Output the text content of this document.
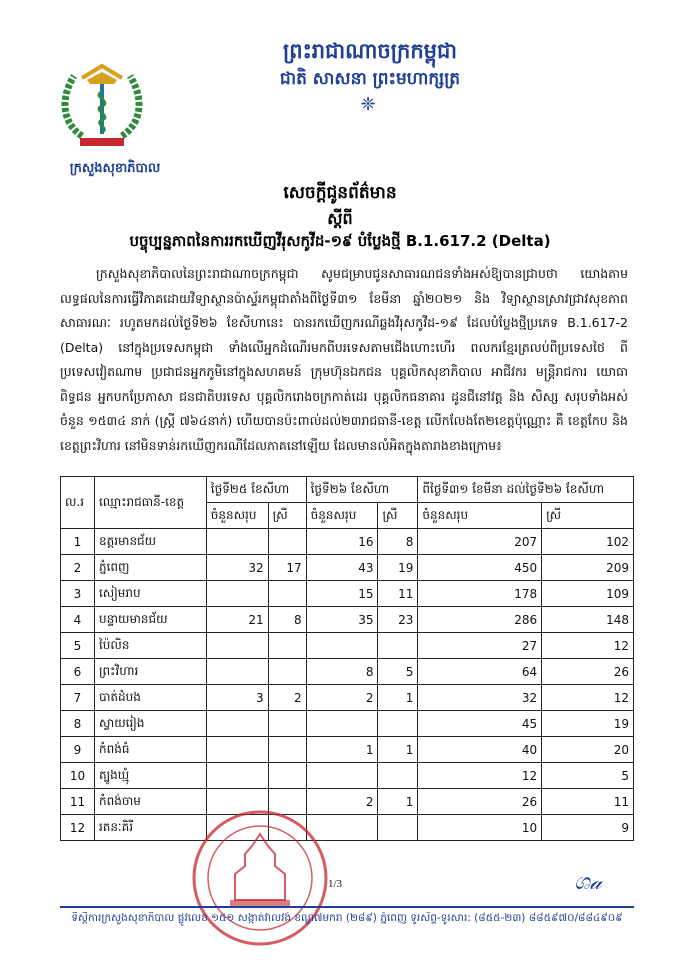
ព្រះរាជាណាចក្រកម្ពុជា
ជាតិ សាសនា ព្រះមហាក្សត្រ
❈
ក្រសួងសុខាភិបាល
សេចក្តីជូនព័ត៌មាន
ស្តីពី
បច្ចុប្បន្នភាពនៃការរកឃើញវីរុសកូវីដ-១៩ បំប្លែងថ្មី B.1.617.2 (Delta)
ក្រសួងសុខាភិបាលនៃព្រះរាជាណាចក្រកម្ពុជា សូមជម្រាបជូនសាធារណជនទាំងអស់ឱ្យបានជ្រាបថា យោងតាមលទ្ធផលនៃការធ្វើវិភាគដោយវិទ្យាស្ថានប៉ាស្ទ័រកម្ពុជាតាំងពីថ្ងៃទី៣១ ខែមីនា ឆ្នាំ២០២១ និង វិទ្យាស្ថានស្រាវជ្រាវសុខភាពសាធារណៈ រហូតមកដល់ថ្ងៃទី២៦ ខែសីហានេះ បានរកឃើញករណីឆ្លងវីរុសកូវីដ-១៩ ដែលបំប្លែងថ្មីប្រភេទ B.1.617-2 (Delta) នៅក្នុងប្រទេសកម្ពុជា ទាំងលើអ្នកដំណើរមកពីបរទេសតាមជើងហោះហើរ ពលករខ្មែរត្រលប់ពីប្រទេសថៃ ពីប្រទេសវៀតណាម ប្រជាជនអ្នកភូមិនៅក្នុងសហគមន៍ ក្រុមហ៊ុនឯកជន បុគ្គលិកសុខាភិបាល អាជីវករ មន្ត្រីរាជការ យោធា ពិទ្ធជន អ្នកបកប្រែភាសា ជនជាតិបរទេស បុគ្គលិករោងចក្រកាត់ដេរ បុគ្គលិកធនាគារ ដូនជីនៅវត្ត និង សិស្ស សរុបទាំងអស់ចំនួន ១៥៣៤ នាក់ (ស្រ្តី ៧៦៤នាក់) ហើយបានប៉ះពាល់ដល់២៣រាជធានី-ខេត្ត លើកលែងតែ២ខេត្តប៉ុណ្ណោះ គឺ ខេត្តកែប និងខេត្តព្រះវិហារ នៅមិនទាន់រកឃើញករណីដែលភាគនៅឡើយ ដែលមានលំអិតក្នុងតារាងខាងក្រោម៖
ល.រ	ឈ្មោះរាជធានី-ខេត្ត	ថ្ងៃទី២៥ ខែសីហា		ថ្ងៃទី២៦ ខែសីហា		ពីថ្ងៃទី៣១ ខែមីនា ដល់ថ្ងៃទី២៦ ខែសីហា	
		ចំនួនសរុប	ស្រី	ចំនួនសរុប	ស្រី	ចំនួនសរុប	ស្រី
1	ឧត្តរមានជ័យ			16	8	207	102
2	ភ្នំពេញ	32	17	43	19	450	209
3	សៀមរាប			15	11	178	109
4	បន្ទាយមានជ័យ	21	8	35	23	286	148
5	ប៉ៃលិន					27	12
6	ព្រះវិហារ			8	5	64	26
7	បាត់ដំបង	3	2	2	1	32	12
8	ស្វាយរៀង					45	19
9	កំពង់ធំ			1	1	40	20
10	ត្បូងឃ្មុំ					12	5
11	កំពង់ចាម			2	1	26	11
12	រតនៈគិរី					10	9
1/3	ශ𝒶
ទីស្តីការក្រសួងសុខាភិបាល ផ្លូវលេខ ១៥១ សង្កាត់វាលវង់ ខណ្ឌ៧មករា (២៨៩) ភ្នំពេញ ទូរស័ព្ទ-ទូរសារ: (៨៥៥-២៣) ៨៨៥៩៧០/៨៨៤៩០៩
